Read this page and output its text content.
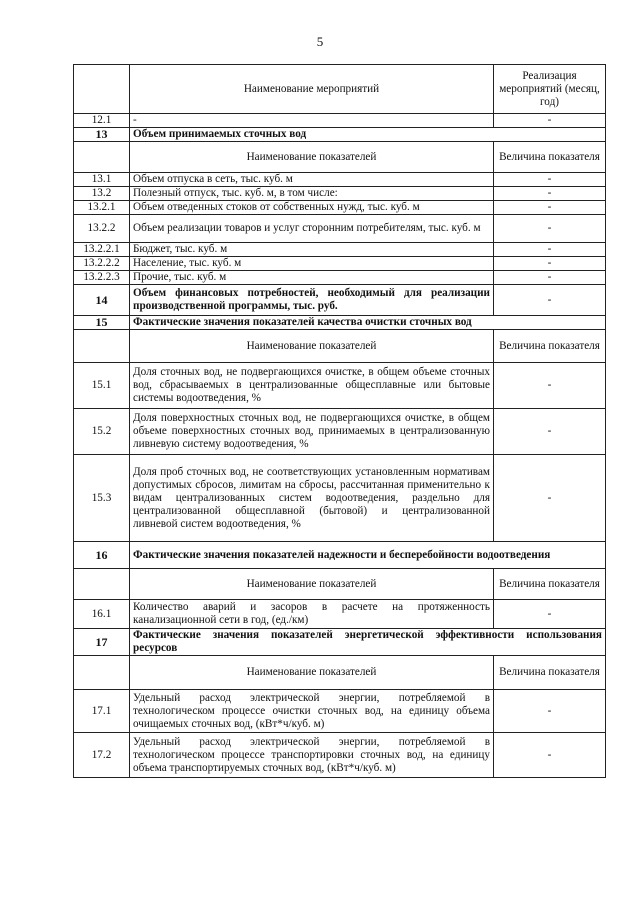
5
	Наименование мероприятий	Реализация мероприятий (месяц, год)
12.1	-	-
13	Объем принимаемых сточных вод	
	Наименование показателей	Величина показателя
13.1	Объем отпуска в сеть, тыс. куб. м	-
13.2	Полезный отпуск, тыс. куб. м, в том числе:	-
13.2.1	Объем отведенных стоков от собственных нужд, тыс. куб. м	-
13.2.2	Объем реализации товаров и услуг сторонним потребителям, тыс. куб. м	-
13.2.2.1	Бюджет, тыс. куб. м	-
13.2.2.2	Население, тыс. куб. м	-
13.2.2.3	Прочие, тыс. куб. м	-
14	Объем финансовых потребностей, необходимый для реализации производственной программы, тыс. руб.	-
15	Фактические значения показателей качества очистки сточных вод	
	Наименование показателей	Величина показателя
15.1	Доля сточных вод, не подвергающихся очистке, в общем объеме сточных вод, сбрасываемых в централизованные общесплавные или бытовые системы водоотведения, %	-
15.2	Доля поверхностных сточных вод, не подвергающихся очистке, в общем объеме поверхностных сточных вод, принимаемых в централизованную ливневую систему водоотведения, %	-
15.3	Доля проб сточных вод, не соответствующих установленным нормативам допустимых сбросов, лимитам на сбросы, рассчитанная применительно к видам централизованных систем водоотведения, раздельно для централизованной общесплавной (бытовой) и централизованной ливневой систем водоотведения, %	-
16	Фактические значения показателей надежности и бесперебойности водоотведения	
	Наименование показателей	Величина показателя
16.1	Количество аварий и засоров в расчете на протяженность канализационной сети в год, (ед./км)	-
17	Фактические значения показателей энергетической эффективности использования ресурсов	
	Наименование показателей	Величина показателя
17.1	Удельный расход электрической энергии, потребляемой в технологическом процессе очистки сточных вод, на единицу объема очищаемых сточных вод, (кВт*ч/куб. м)	-
17.2	Удельный расход электрической энергии, потребляемой в технологическом процессе транспортировки сточных вод, на единицу объема транспортируемых сточных вод, (кВт*ч/куб. м)	-
